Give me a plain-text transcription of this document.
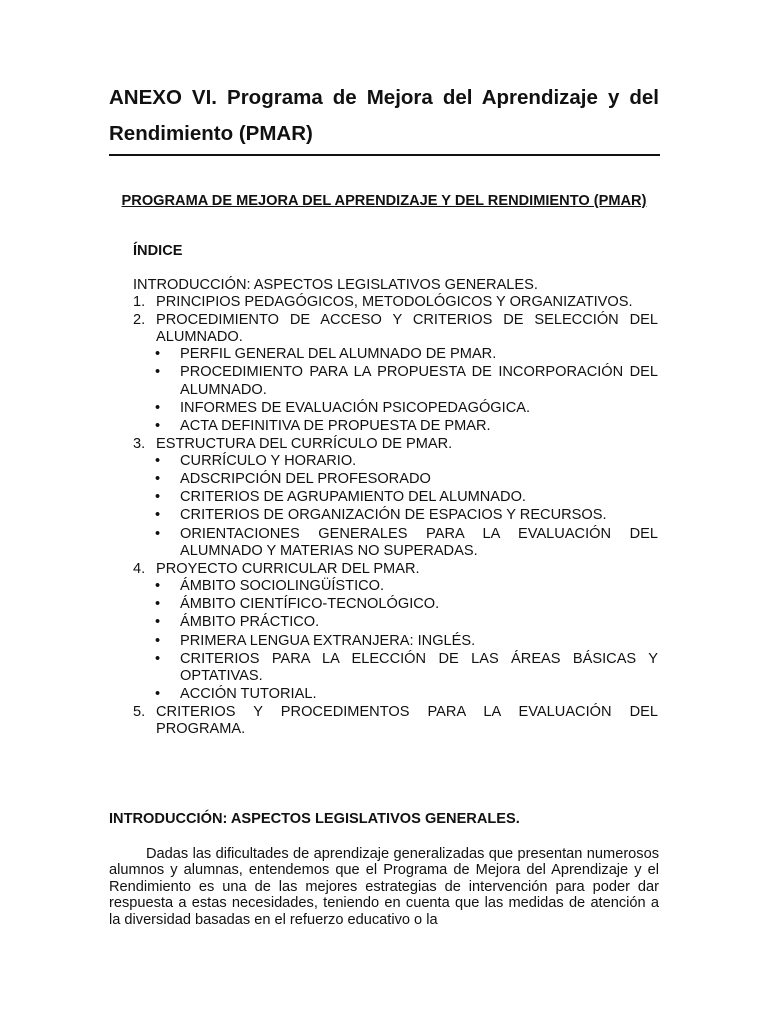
ANEXO VI. Programa de Mejora del Aprendizaje y del Rendimiento (PMAR)
PROGRAMA DE MEJORA DEL APRENDIZAJE Y DEL RENDIMIENTO (PMAR)
ÍNDICE

INTRODUCCIÓN: ASPECTOS LEGISLATIVOS GENERALES.

1. PRINCIPIOS PEDAGÓGICOS, METODOLÓGICOS Y ORGANIZATIVOS.
2. PROCEDIMIENTO DE ACCESO Y CRITERIOS DE SELECCIÓN DEL ALUMNADO.
• PERFIL GENERAL DEL ALUMNADO DE PMAR.
• PROCEDIMIENTO PARA LA PROPUESTA DE INCORPORACIÓN DEL ALUMNADO.
• INFORMES DE EVALUACIÓN PSICOPEDAGÓGICA.
• ACTA DEFINITIVA DE PROPUESTA DE PMAR.
3. ESTRUCTURA DEL CURRÍCULO DE PMAR.
• CURRÍCULO Y HORARIO.
• ADSCRIPCIÓN DEL PROFESORADO
• CRITERIOS DE AGRUPAMIENTO DEL ALUMNADO.
• CRITERIOS DE ORGANIZACIÓN DE ESPACIOS Y RECURSOS.
• ORIENTACIONES GENERALES PARA LA EVALUACIÓN DEL ALUMNADO Y MATERIAS NO SUPERADAS.
4. PROYECTO CURRICULAR DEL PMAR.
• ÁMBITO SOCIOLINGÜÍSTICO.
• ÁMBITO CIENTÍFICO-TECNOLÓGICO.
• ÁMBITO PRÁCTICO.
• PRIMERA LENGUA EXTRANJERA: INGLÉS.
• CRITERIOS PARA LA ELECCIÓN DE LAS ÁREAS BÁSICAS Y OPTATIVAS.
• ACCIÓN TUTORIAL.
5. CRITERIOS Y PROCEDIMENTOS PARA LA EVALUACIÓN DEL PROGRAMA.
INTRODUCCIÓN: ASPECTOS LEGISLATIVOS GENERALES.

Dadas las dificultades de aprendizaje generalizadas que presentan numerosos alumnos y alumnas, entendemos que el Programa de Mejora del Aprendizaje y el Rendimiento es una de las mejores estrategias de intervención para poder dar respuesta a estas necesidades, teniendo en cuenta que las medidas de atención a la diversidad basadas en el refuerzo educativo o la
